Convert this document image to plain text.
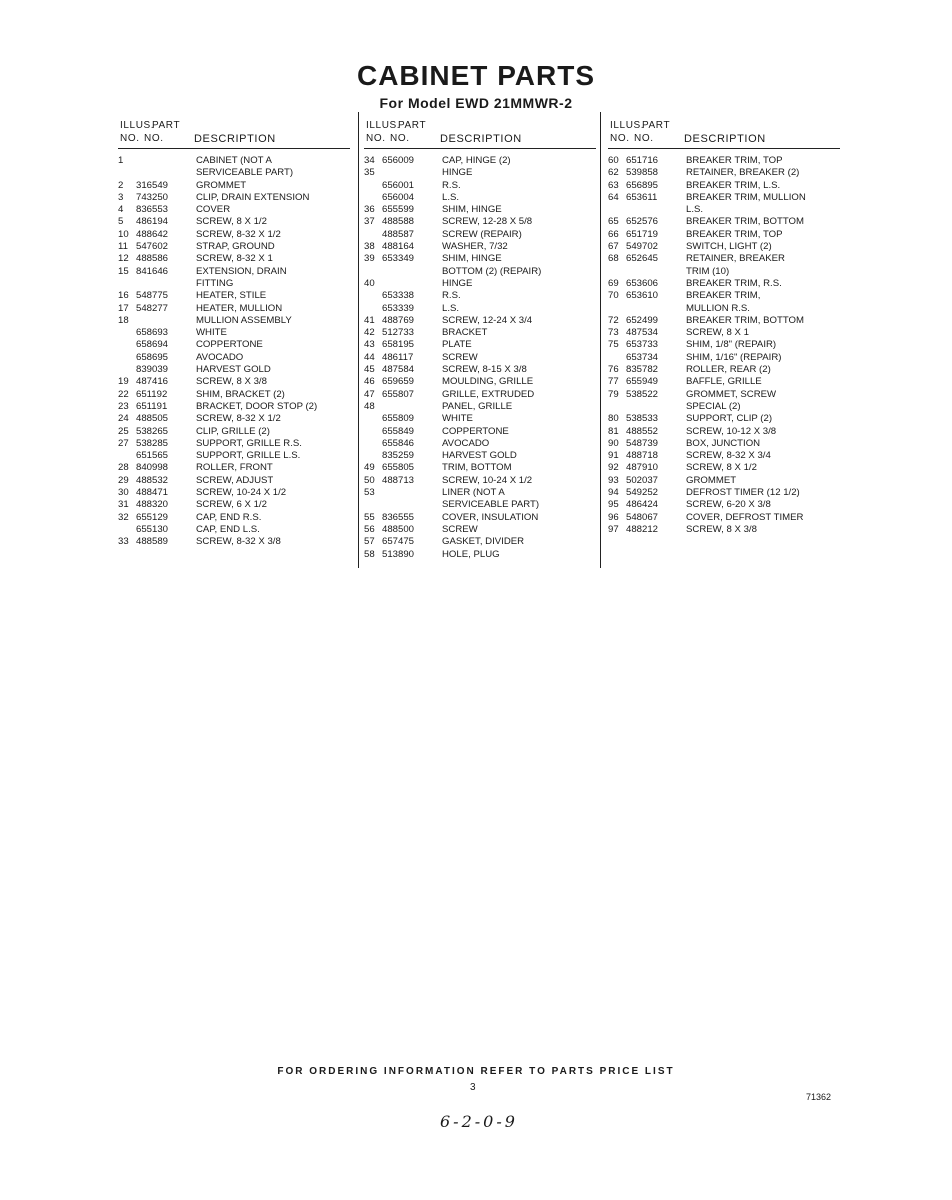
CABINET PARTS
For Model EWD 21MMWR-2
ILLUS.
PART
NO. NO.	DESCRIPTION
1	CABINET (NOT A
SERVICEABLE PART)
2	316549	GROMMET
3	743250	CLIP, DRAIN EXTENSION
4	836553	COVER
5	486194	SCREW, 8 X 1/2
10 488642	SCREW, 8-32 X 1/2
11 547602	STRAP, GROUND
12 488586	SCREW, 8-32 X 1
15 841646	EXTENSION, DRAIN
FITTING
16 548775	HEATER, STILE
17 548277	HEATER, MULLION
18	MULLION ASSEMBLY
658693	WHITE
658694	COPPERTONE
658695	AVOCADO
839039	HARVEST GOLD
19 487416	SCREW, 8 X 3/8
22 651192	SHIM, BRACKET (2)
23 651191	BRACKET, DOOR STOP (2)
24 488505	SCREW, 8-32 X 1/2
25 538265	CLIP, GRILLE (2)
27 538285	SUPPORT, GRILLE R.S.
651565	SUPPORT, GRILLE L.S.
28 840998	ROLLER, FRONT
29 488532	SCREW, ADJUST
30 488471	SCREW, 10-24 X 1/2
31 488320	SCREW, 6 X 1/2
32 655129	CAP, END R.S.
655130	CAP, END L.S.
33 488589	SCREW, 8-32 X 3/8
ILLUS.
PART
NO. NO.	DESCRIPTION
34 656009	CAP, HINGE (2)
35	HINGE
656001	R.S.
656004	L.S.
36 655599	SHIM, HINGE
37 488588	SCREW, 12-28 X 5/8
488587	SCREW (REPAIR)
38 488164	WASHER, 7/32
39 653349	SHIM, HINGE
BOTTOM (2) (REPAIR)
40	HINGE
653338	R.S.
653339	L.S.
41 488769	SCREW, 12-24 X 3/4
42 512733	BRACKET
43 658195	PLATE
44 486117	SCREW
45 487584	SCREW, 8-15 X 3/8
46 659659	MOULDING, GRILLE
47 655807	GRILLE, EXTRUDED
48	PANEL, GRILLE
655809	WHITE
655849	COPPERTONE
655846	AVOCADO
835259	HARVEST GOLD
49 655805	TRIM, BOTTOM
50 488713	SCREW, 10-24 X 1/2
53	LINER (NOT A
SERVICEABLE PART)
55 836555	COVER, INSULATION
56 488500	SCREW
57 657475	GASKET, DIVIDER
58 513890	HOLE, PLUG
ILLUS.
PART
NO. NO.	DESCRIPTION
60 651716	BREAKER TRIM, TOP
62 539858	RETAINER, BREAKER (2)
63 656895	BREAKER TRIM, L.S.
64 653611	BREAKER TRIM, MULLION
L.S.
65 652576	BREAKER TRIM, BOTTOM
66 651719	BREAKER TRIM, TOP
67 549702	SWITCH, LIGHT (2)
68 652645	RETAINER, BREAKER
TRIM (10)
69 653606	BREAKER TRIM, R.S.
70 653610	BREAKER TRIM,
MULLION R.S.
72 652499	BREAKER TRIM, BOTTOM
73 487534	SCREW, 8 X 1
75 653733	SHIM, 1/8" (REPAIR)
653734	SHIM, 1/16" (REPAIR)
76 835782	ROLLER, REAR (2)
77 655949	BAFFLE, GRILLE
79 538522	GROMMET, SCREW
SPECIAL (2)
80 538533	SUPPORT, CLIP (2)
81 488552	SCREW, 10-12 X 3/8
90 548739	BOX, JUNCTION
91 488718	SCREW, 8-32 X 3/4
92 487910	SCREW, 8 X 1/2
93 502037	GROMMET
94 549252	DEFROST TIMER (12 1/2)
95 486424	SCREW, 6-20 X 3/8
96 548067	COVER, DEFROST TIMER
97 488212	SCREW, 8 X 3/8
FOR ORDERING INFORMATION REFER TO PARTS PRICE LIST
3
71362
6-2-0-9
